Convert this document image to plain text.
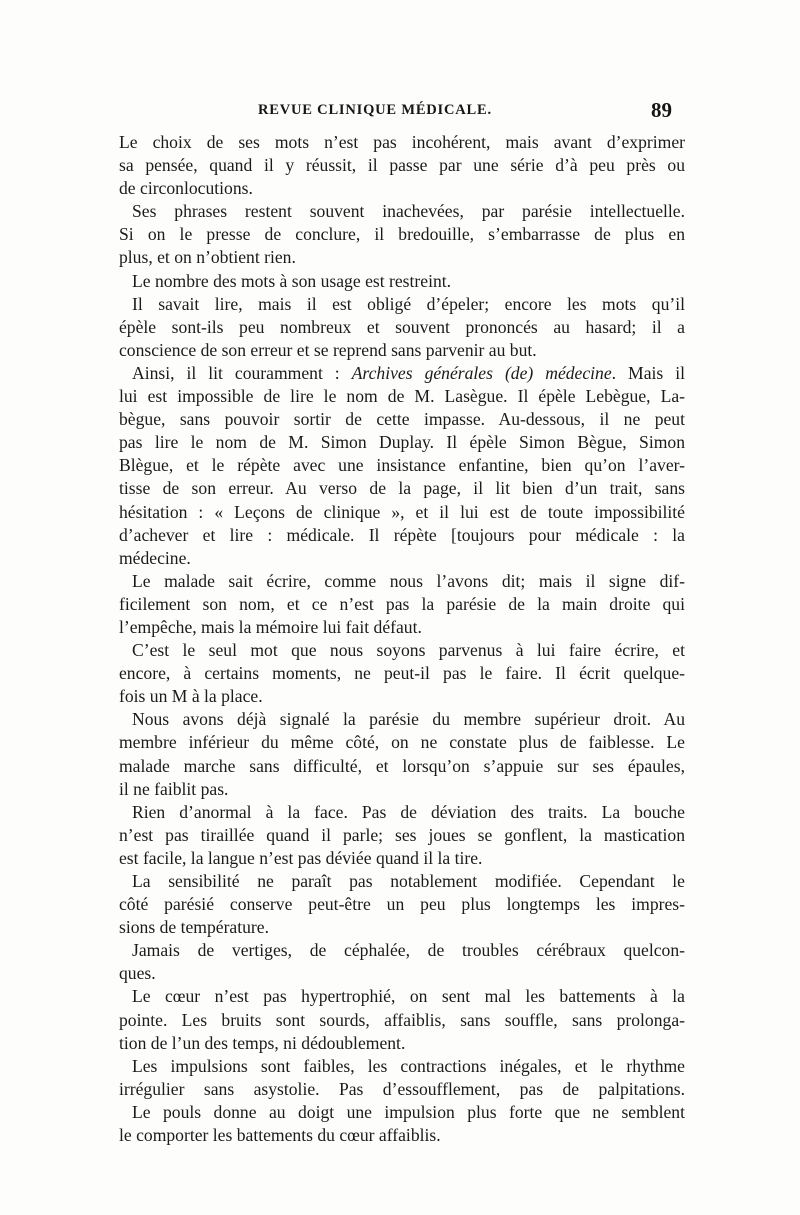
REVUE CLINIQUE MÉDICALE.	89
Le choix de ses mots n’est pas incohérent, mais avant d’exprimer
sa pensée, quand il y réussit, il passe par une série d’à peu près ou
de circonlocutions.
Ses phrases restent souvent inachevées, par parésie intellectuelle.
Si on le presse de conclure, il bredouille, s’embarrasse de plus en
plus, et on n’obtient rien.
Le nombre des mots à son usage est restreint.
Il savait lire, mais il est obligé d’épeler; encore les mots qu’il
épèle sont-ils peu nombreux et souvent prononcés au hasard; il a
conscience de son erreur et se reprend sans parvenir au but.
Ainsi, il lit couramment : Archives générales (de) médecine. Mais il
lui est impossible de lire le nom de M. Lasègue. Il épèle Lebègue, La-
bègue, sans pouvoir sortir de cette impasse. Au-dessous, il ne peut
pas lire le nom de M. Simon Duplay. Il épèle Simon Bègue, Simon
Blègue, et le répète avec une insistance enfantine, bien qu’on l’aver-
tisse de son erreur. Au verso de la page, il lit bien d’un trait, sans
hésitation : « Leçons de clinique », et il lui est de toute impossibilité
d’achever et lire : médicale. Il répète [toujours pour médicale : la
médecine.
Le malade sait écrire, comme nous l’avons dit; mais il signe dif-
ficilement son nom, et ce n’est pas la parésie de la main droite qui
l’empêche, mais la mémoire lui fait défaut.
C’est le seul mot que nous soyons parvenus à lui faire écrire, et
encore, à certains moments, ne peut-il pas le faire. Il écrit quelque-
fois un M à la place.
Nous avons déjà signalé la parésie du membre supérieur droit. Au
membre inférieur du même côté, on ne constate plus de faiblesse. Le
malade marche sans difficulté, et lorsqu’on s’appuie sur ses épaules,
il ne faiblit pas.
Rien d’anormal à la face. Pas de déviation des traits. La bouche
n’est pas tiraillée quand il parle; ses joues se gonflent, la mastication
est facile, la langue n’est pas déviée quand il la tire.
La sensibilité ne paraît pas notablement modifiée. Cependant le
côté parésié conserve peut-être un peu plus longtemps les impres-
sions de température.
Jamais de vertiges, de céphalée, de troubles cérébraux quelcon-
ques.
Le cœur n’est pas hypertrophié, on sent mal les battements à la
pointe. Les bruits sont sourds, affaiblis, sans souffle, sans prolonga-
tion de l’un des temps, ni dédoublement.
Les impulsions sont faibles, les contractions inégales, et le rhythme
irrégulier sans asystolie. Pas d’essoufflement, pas de palpitations.
Le pouls donne au doigt une impulsion plus forte que ne semblent
le comporter les battements du cœur affaiblis.
